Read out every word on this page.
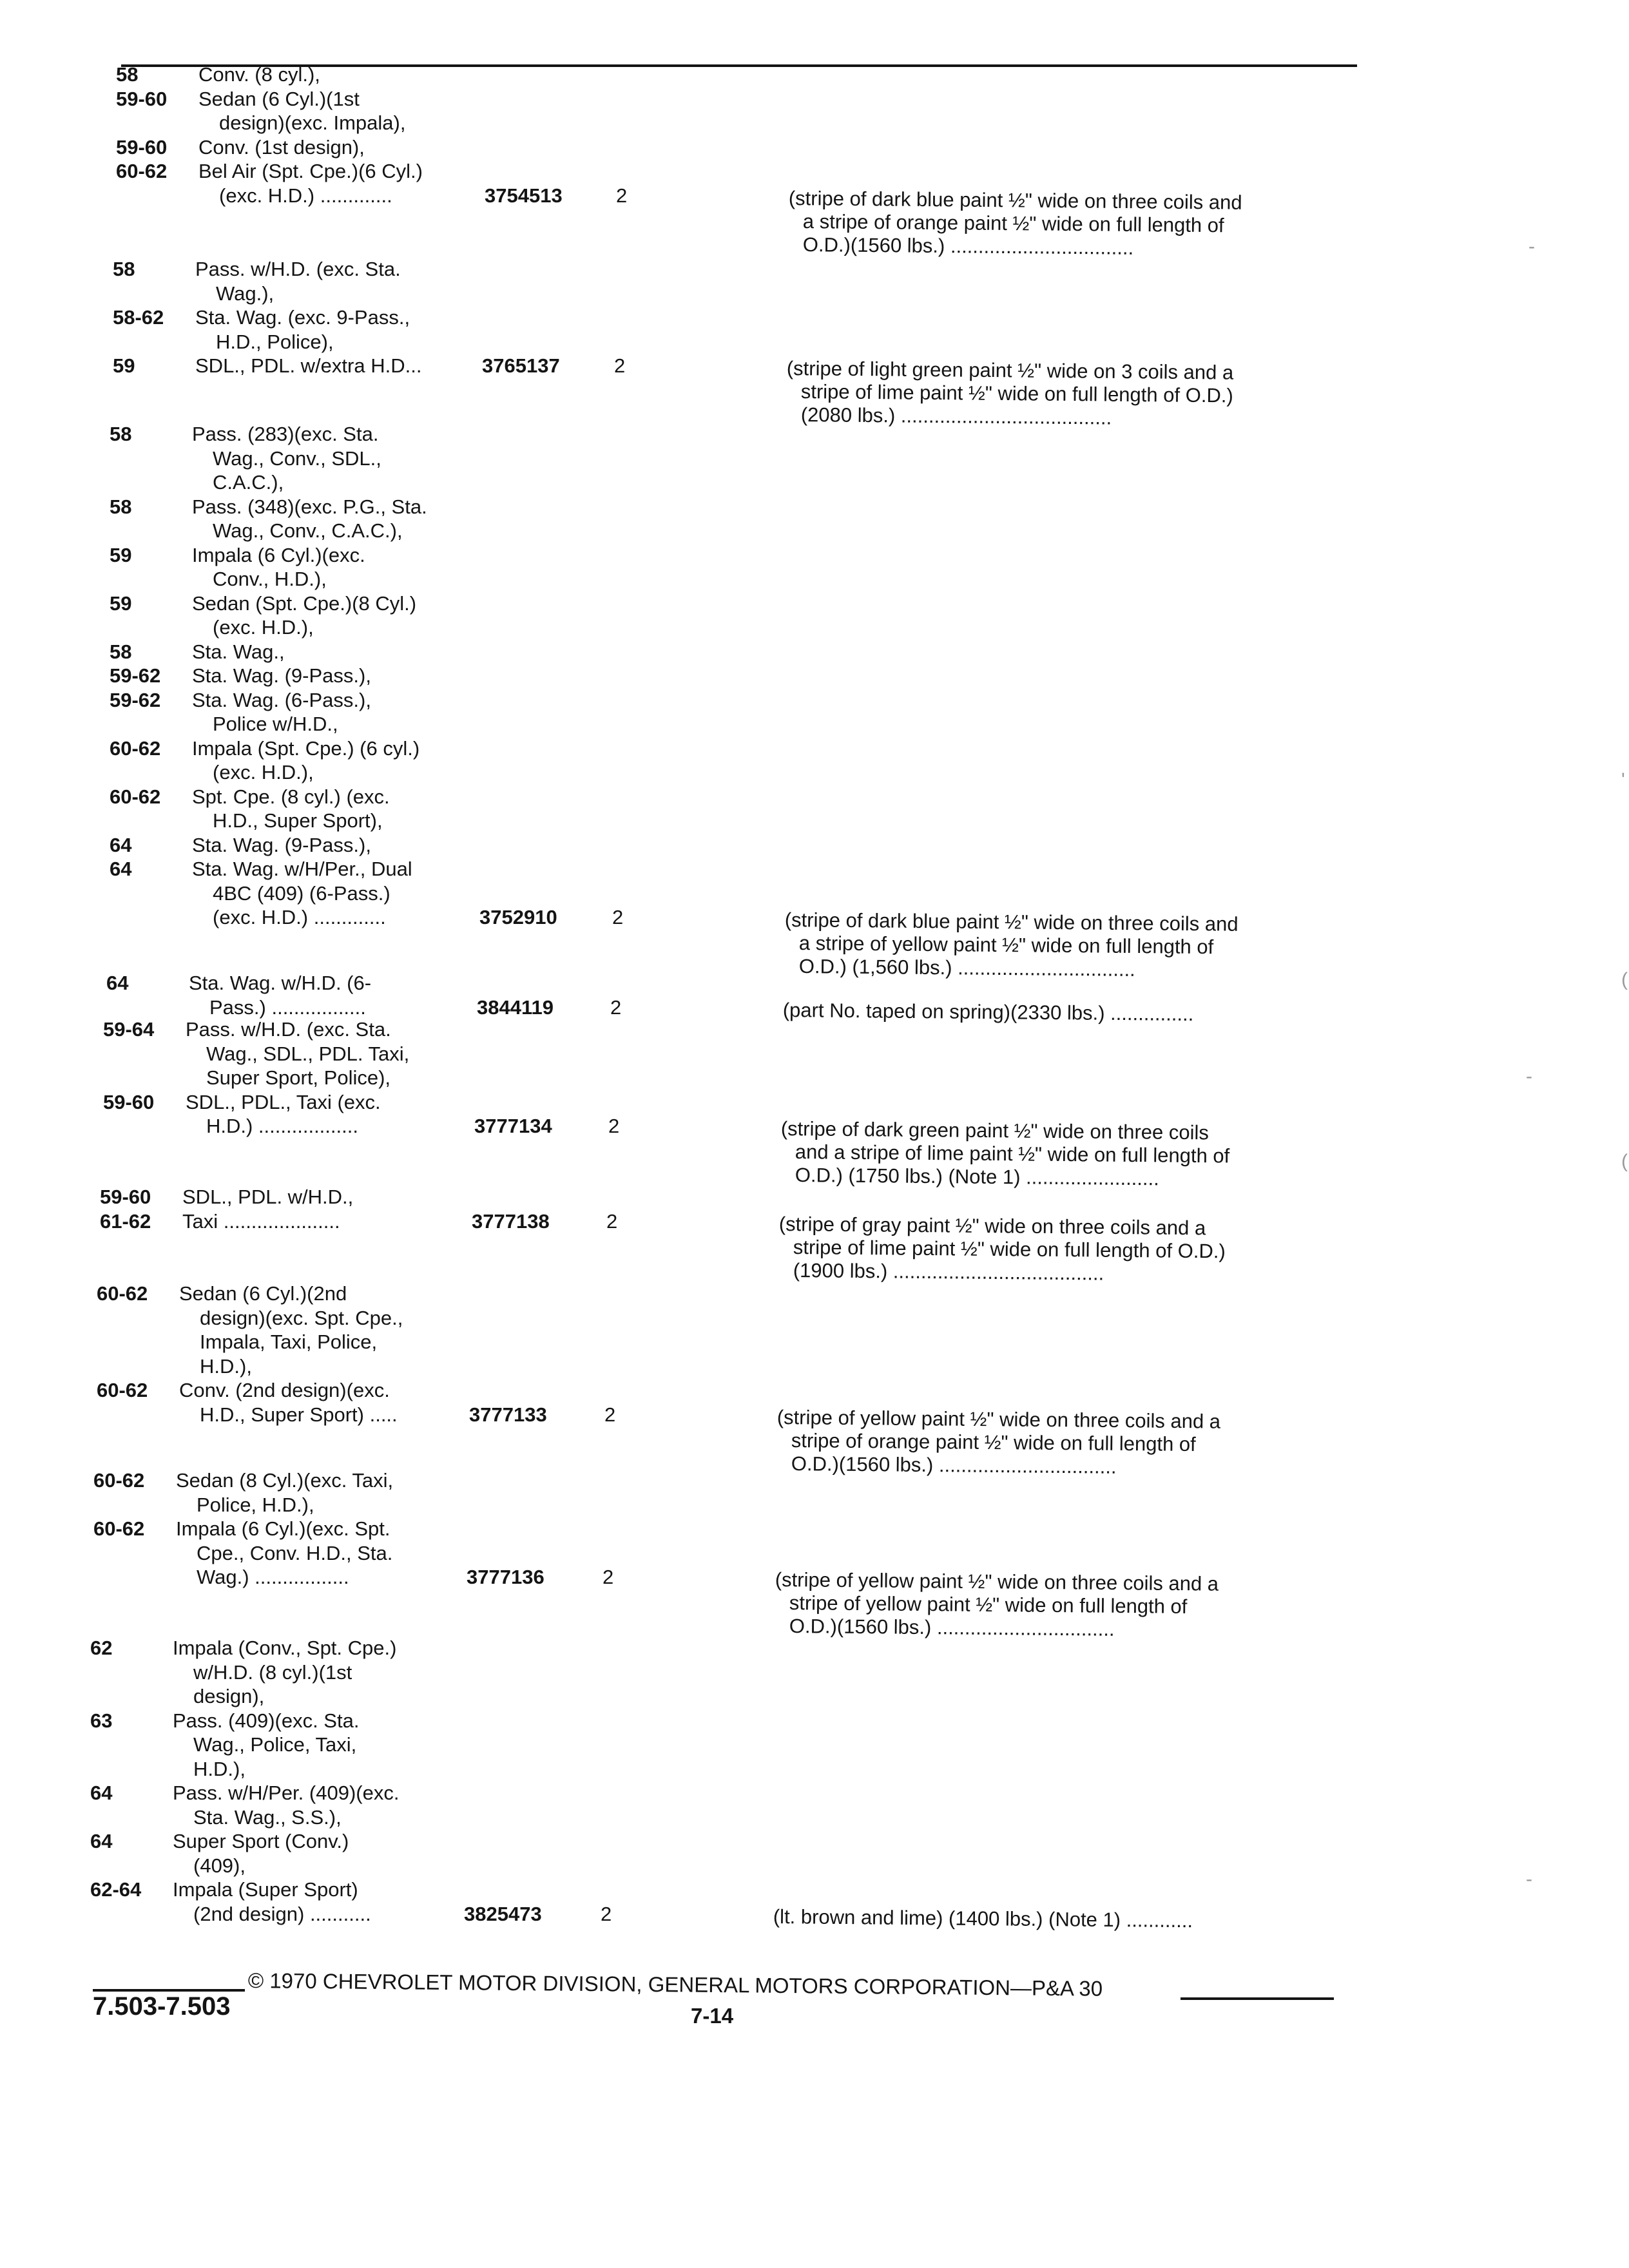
58	Conv. (8 cyl.),
59-60 Sedan (6 Cyl.)(1st
design)(exc. Impala),
59-60 Conv. (1st design),
60-62 Bel Air (Spt. Cpe.)(6 Cyl.)
(exc. H.D.) .............	3754513	2	(stripe of dark blue paint ½" wide on three coils and
a stripe of orange paint ½" wide on full length of
O.D.)(1560 lbs.) .................................
58	Pass. w/H.D. (exc. Sta.
Wag.),
58-62 Sta. Wag. (exc. 9-Pass.,
H.D., Police),
59	SDL., PDL. w/extra H.D...	3765137	2	(stripe of light green paint ½" wide on 3 coils and a
stripe of lime paint ½" wide on full length of O.D.)
(2080 lbs.) ......................................
58	Pass. (283)(exc. Sta.
Wag., Conv., SDL.,
C.A.C.),
58	Pass. (348)(exc. P.G., Sta.
Wag., Conv., C.A.C.),
59	Impala (6 Cyl.)(exc.
Conv., H.D.),
59	Sedan (Spt. Cpe.)(8 Cyl.)
(exc. H.D.),
58	Sta. Wag.,
59-62 Sta. Wag. (9-Pass.),
59-62 Sta. Wag. (6-Pass.),
Police w/H.D.,
60-62 Impala (Spt. Cpe.) (6 cyl.)
(exc. H.D.),
60-62 Spt. Cpe. (8 cyl.) (exc.
H.D., Super Sport),
64	Sta. Wag. (9-Pass.),
64	Sta. Wag. w/H/Per., Dual
4BC (409) (6-Pass.)
(exc. H.D.) .............	3752910	2	(stripe of dark blue paint ½" wide on three coils and
a stripe of yellow paint ½" wide on full length of
O.D.) (1,560 lbs.) ................................
64	Sta. Wag. w/H.D. (6-
Pass.) .................	3844119	2	(part No. taped on spring)(2330 lbs.) ...............
59-64 Pass. w/H.D. (exc. Sta.
Wag., SDL., PDL. Taxi,
Super Sport, Police),
59-60 SDL., PDL., Taxi (exc.
H.D.) ..................	3777134	2	(stripe of dark green paint ½" wide on three coils
and a stripe of lime paint ½" wide on full length of
O.D.) (1750 lbs.) (Note 1) ........................
59-60 SDL., PDL. w/H.D.,
61-62 Taxi .....................	3777138	2	(stripe of gray paint ½" wide on three coils and a
stripe of lime paint ½" wide on full length of O.D.)
(1900 lbs.) ......................................
60-62 Sedan (6 Cyl.)(2nd
design)(exc. Spt. Cpe.,
Impala, Taxi, Police,
H.D.),
60-62 Conv. (2nd design)(exc.
H.D., Super Sport) .....	3777133	2	(stripe of yellow paint ½" wide on three coils and a
stripe of orange paint ½" wide on full length of
O.D.)(1560 lbs.) ................................
60-62 Sedan (8 Cyl.)(exc. Taxi,
Police, H.D.),
60-62 Impala (6 Cyl.)(exc. Spt.
Cpe., Conv. H.D., Sta.
Wag.) .................	3777136	2	(stripe of yellow paint ½" wide on three coils and a
stripe of yellow paint ½" wide on full length of
O.D.)(1560 lbs.) ................................
62	Impala (Conv., Spt. Cpe.)
w/H.D. (8 cyl.)(1st
design),
63	Pass. (409)(exc. Sta.
Wag., Police, Taxi,
H.D.),
64	Pass. w/H/Per. (409)(exc.
Sta. Wag., S.S.),
64	Super Sport (Conv.)
(409),
62-64 Impala (Super Sport)
(2nd design) ...........	3825473	2	(lt. brown and lime) (1400 lbs.) (Note 1) ............
© 1970 CHEVROLET MOTOR DIVISION, GENERAL MOTORS CORPORATION—P&A 30
7.503-7.503	7-14
-
'
(
-
(
-
